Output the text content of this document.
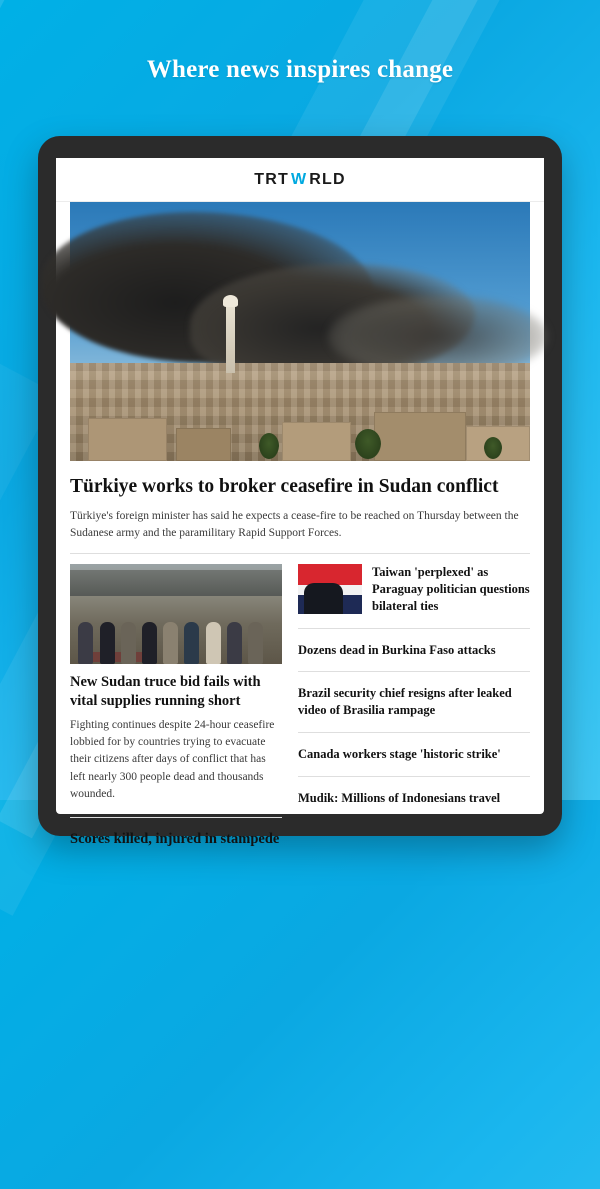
Where news inspires change
TRT W RLD
Türkiye works to broker ceasefire in Sudan conflict
Türkiye's foreign minister has said he expects a cease-fire to be reached on Thursday between the Sudanese army and the paramilitary Rapid Support Forces.
New Sudan truce bid fails with vital supplies running short
Fighting continues despite 24-hour ceasefire lobbied for by countries trying to evacuate their citizens after days of conflict that has left nearly 300 people dead and thousands wounded.
Scores killed, injured in stampede
Taiwan 'perplexed' as Paraguay politician questions bilateral ties
Dozens dead in Burkina Faso attacks
Brazil security chief resigns after leaked video of Brasilia rampage
Canada workers stage 'historic strike'
Mudik: Millions of Indonesians travel
